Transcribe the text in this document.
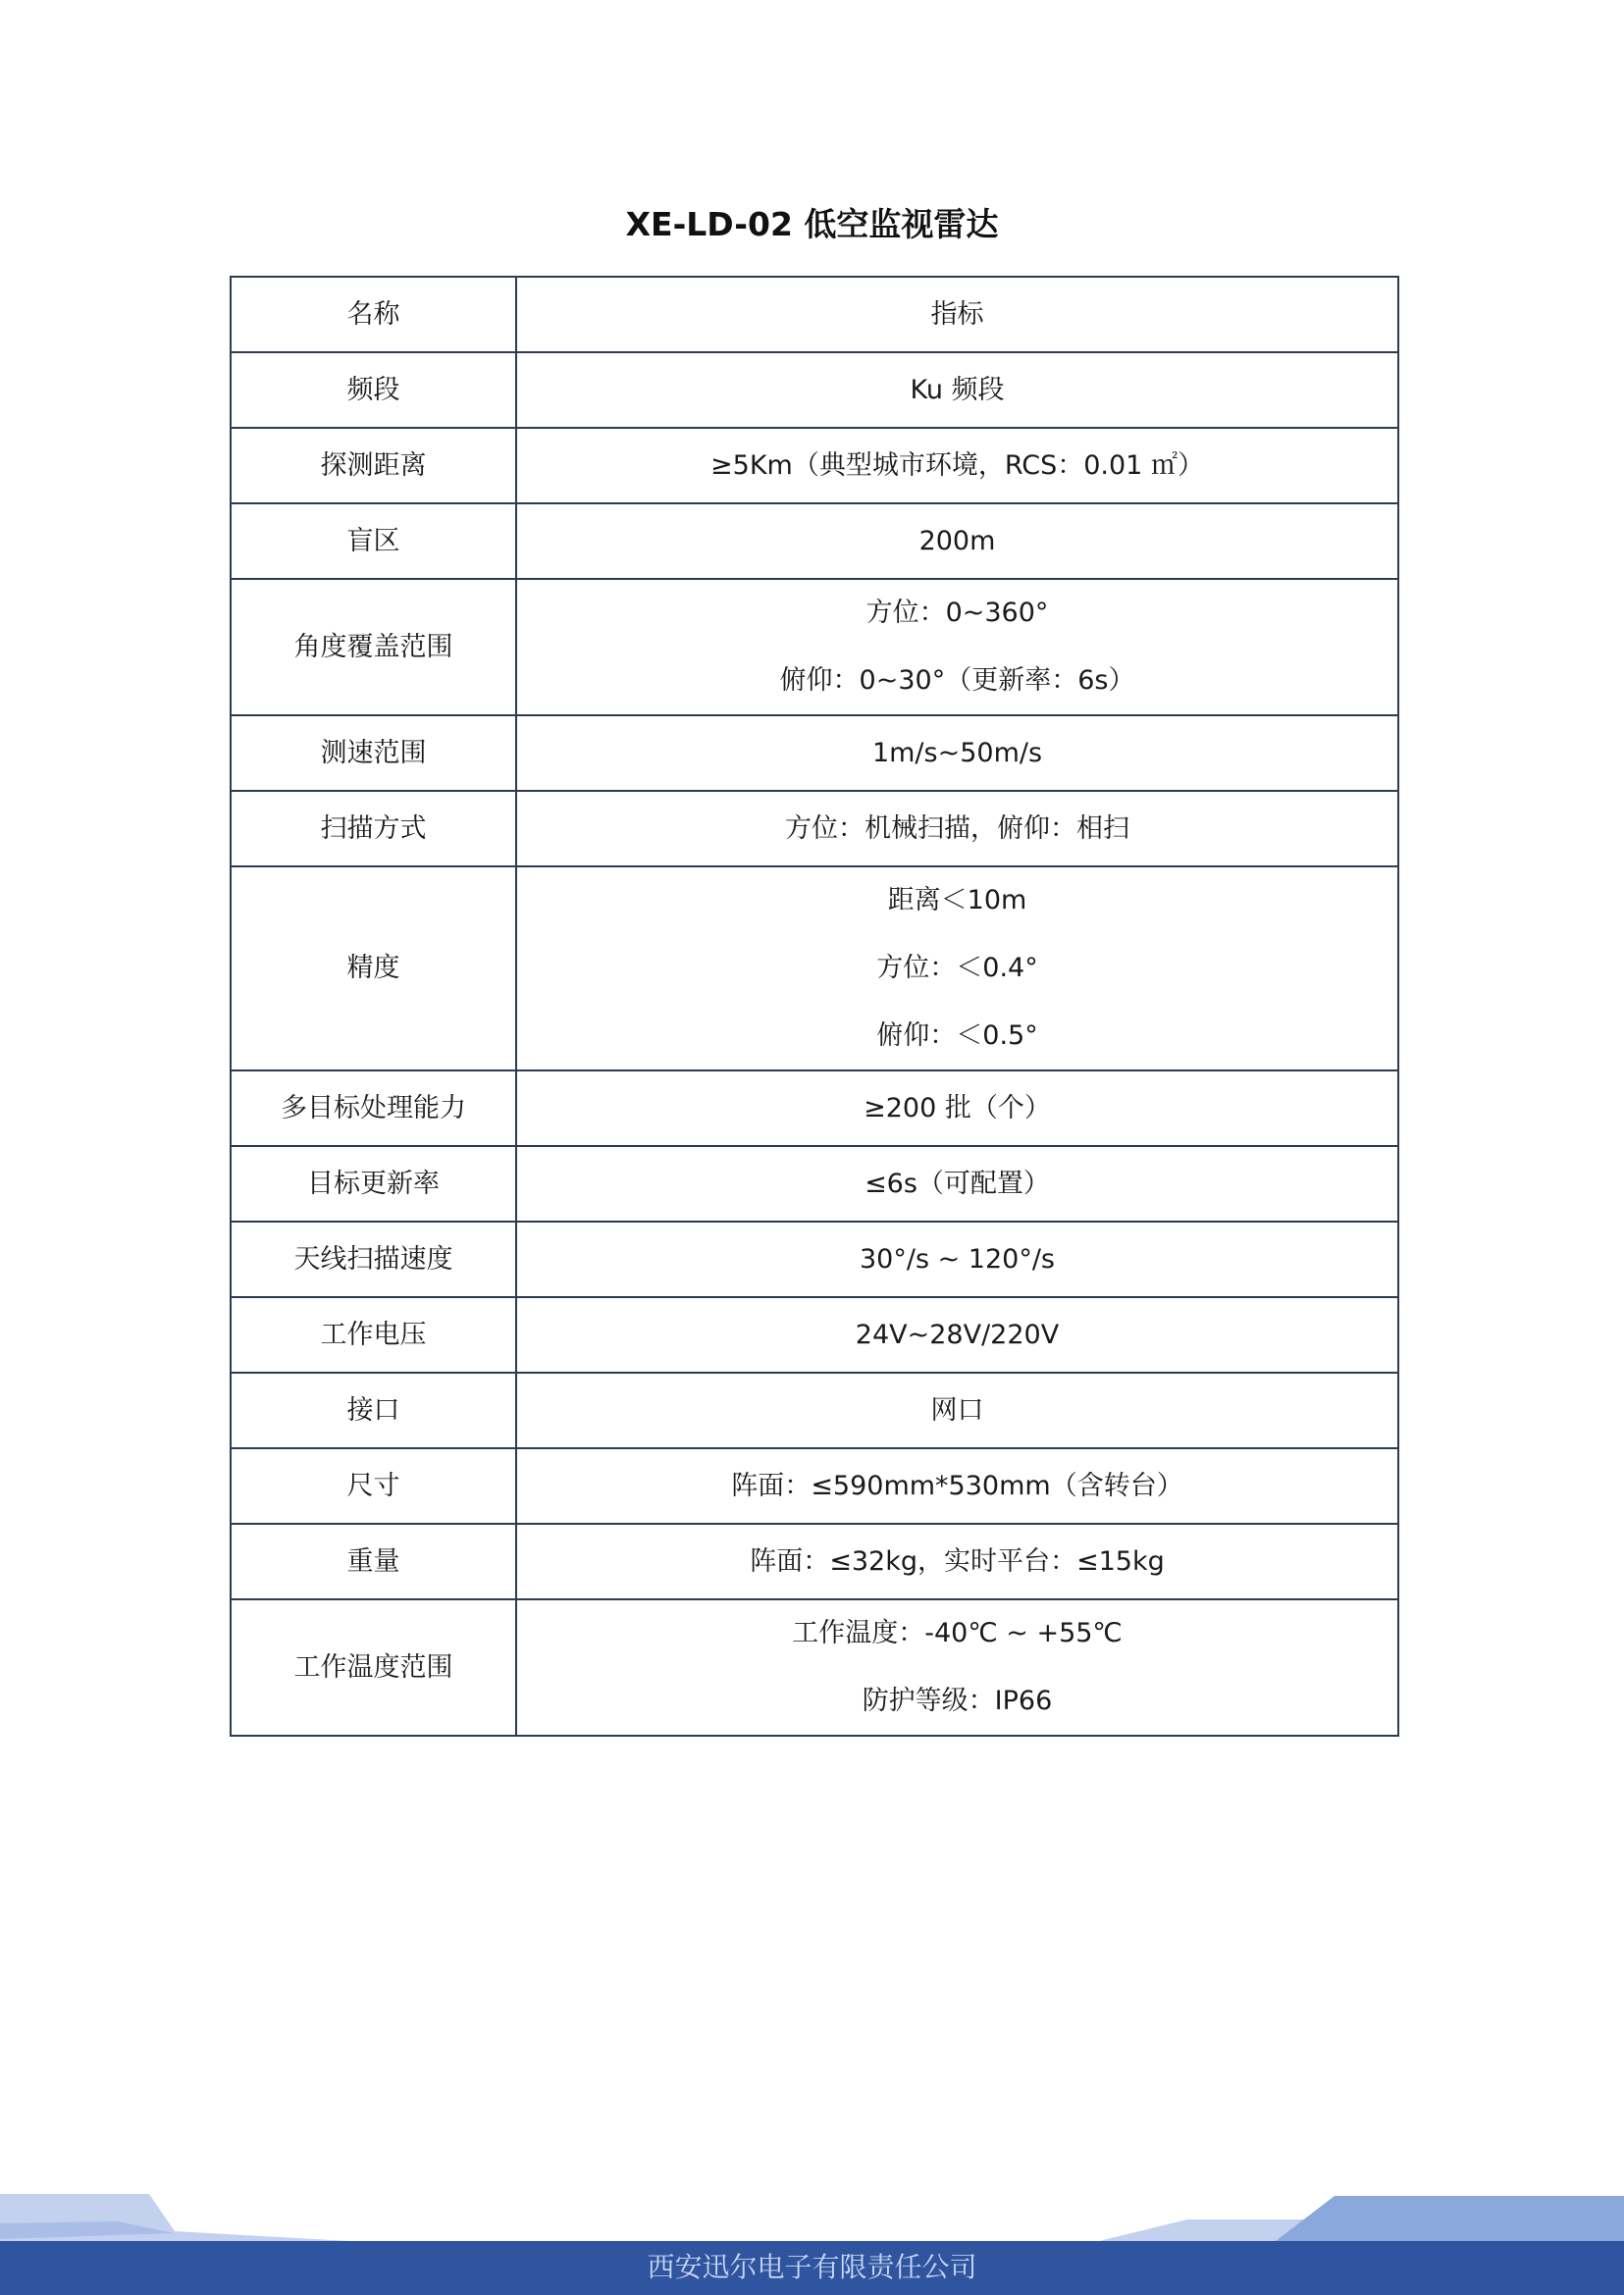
XE-LD-02 低空监视雷达
名称	指标
频段	Ku 频段

探测距离	≥5Km（典型城市环境，RCS：0.01 ㎡）

盲区	200m

角度覆盖范围	方位：0~360°
俯仰：0~30°（更新率：6s）

测速范围	1m/s~50m/s

扫描方式	方位：机械扫描，俯仰：相扫

精度	距离＜10m
方位：＜0.4°
俯仰：＜0.5°

多目标处理能力	≥200 批（个）

目标更新率	≤6s（可配置）

天线扫描速度	30°/s ~ 120°/s

工作电压	24V~28V/220V

接口	网口

尺寸	阵面：≤590mm*530mm（含转台）

重量	阵面：≤32kg，实时平台：≤15kg

工作温度范围	工作温度：-40℃ ~ +55℃
防护等级：IP66

西安迅尔电子有限责任公司
